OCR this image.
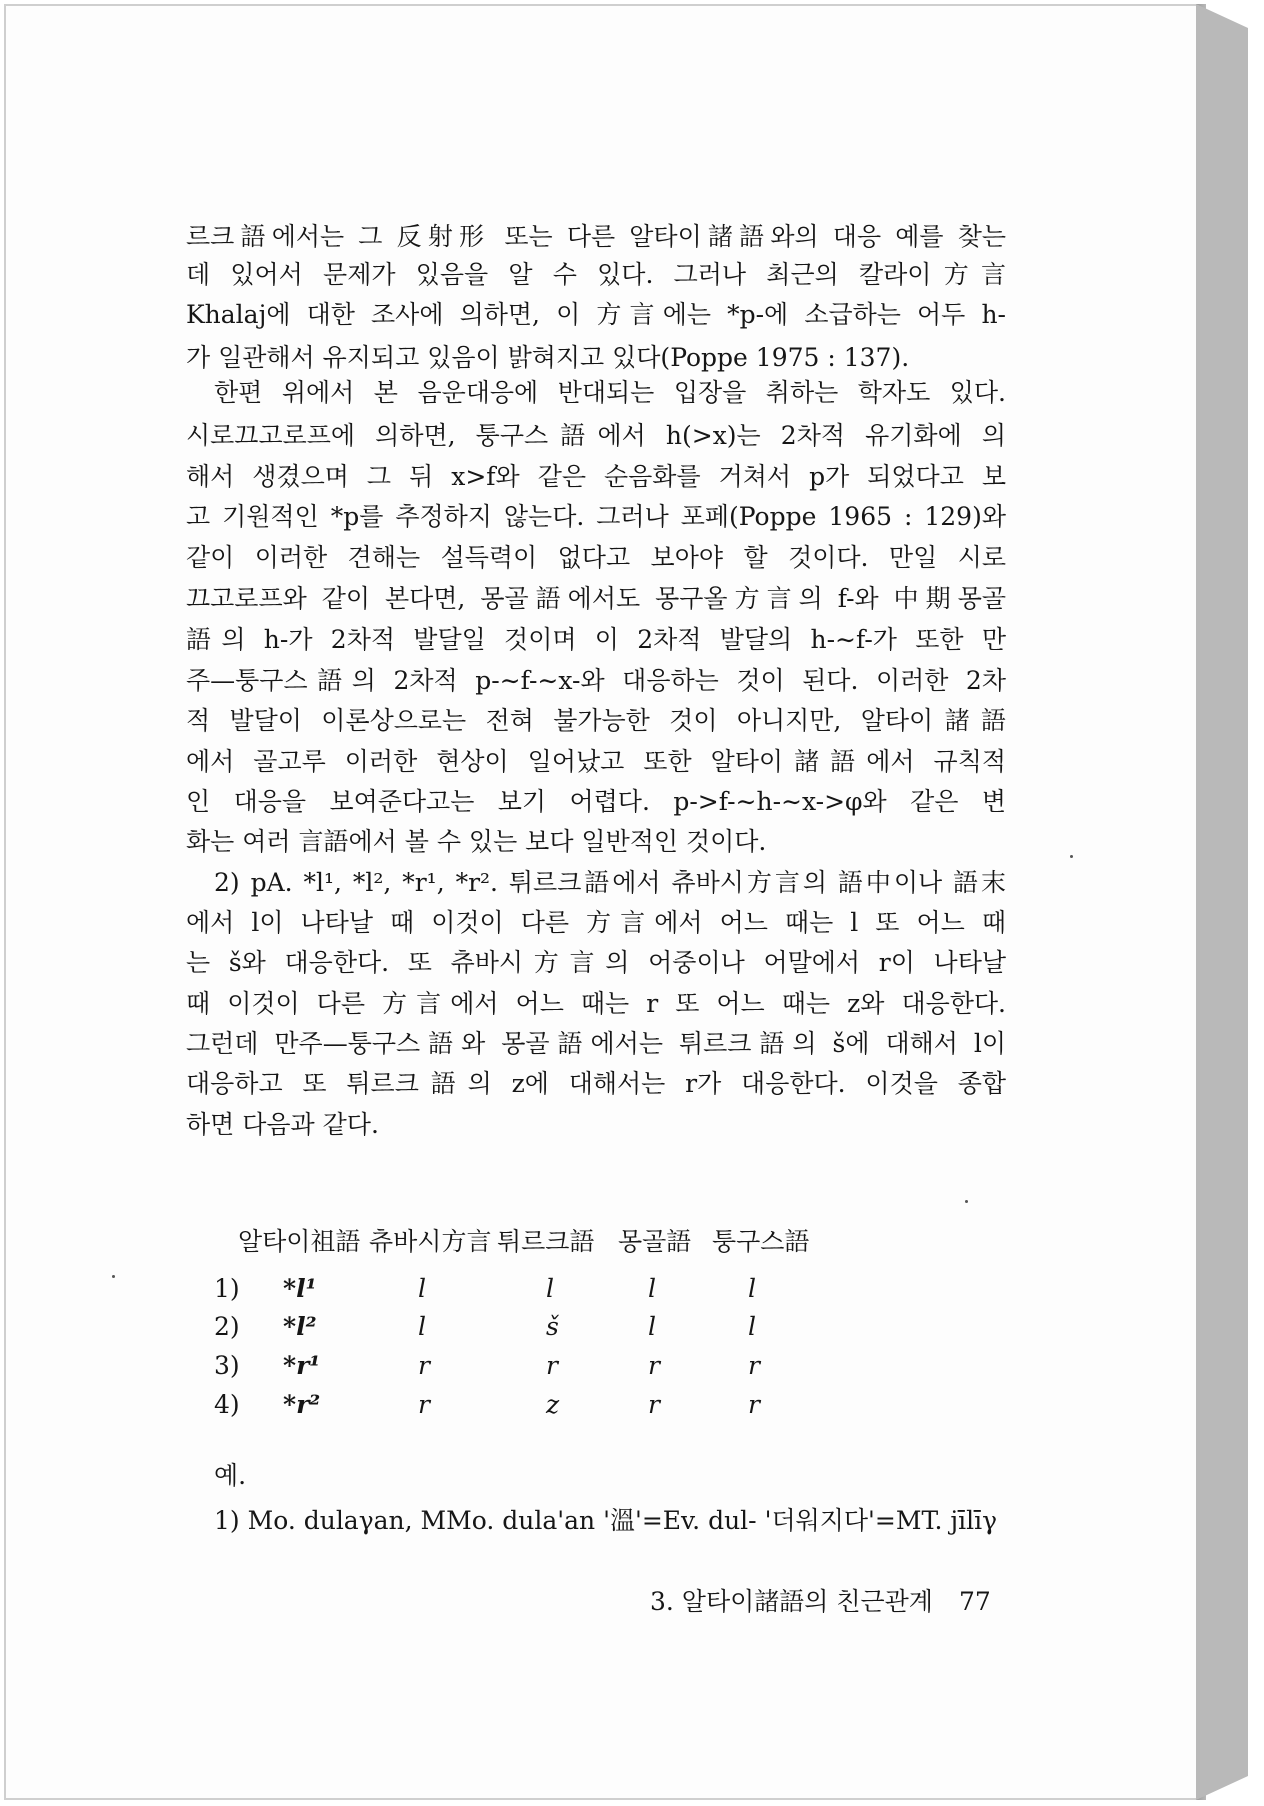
르크語에서는 그 反射形 또는 다른 알타이諸語와의 대응 예를 찾는
데 있어서 문제가 있음을 알 수 있다. 그러나 최근의 칼라이方言
Khalaj에 대한 조사에 의하면, 이 方言에는 *p-에 소급하는 어두 h-
가 일관해서 유지되고 있음이 밝혀지고 있다(Poppe 1975 : 137).
한편 위에서 본 음운대응에 반대되는 입장을 취하는 학자도 있다.
시로끄고로프에 의하면, 퉁구스語에서 h(>x)는 2차적 유기화에 의
해서 생겼으며 그 뒤 x>f와 같은 순음화를 거쳐서 p가 되었다고 보
고 기원적인 *p를 추정하지 않는다. 그러나 포페(Poppe 1965 : 129)와
같이 이러한 견해는 설득력이 없다고 보아야 할 것이다. 만일 시로
끄고로프와 같이 본다면, 몽골語에서도 몽구올方言의 f-와 中期몽골
語의 h-가 2차적 발달일 것이며 이 2차적 발달의 h-∼f-가 또한 만
주—퉁구스語의 2차적 p-∼f-∼x-와 대응하는 것이 된다. 이러한 2차
적 발달이 이론상으로는 전혀 불가능한 것이 아니지만, 알타이諸語
에서 골고루 이러한 현상이 일어났고 또한 알타이諸語에서 규칙적
인 대응을 보여준다고는 보기 어렵다. p->f-∼h-∼x->φ와 같은 변
화는 여러 言語에서 볼 수 있는 보다 일반적인 것이다.
2) pA. *l¹, *l², *r¹, *r². 튀르크語에서 츄바시方言의 語中이나 語末
에서 l이 나타날 때 이것이 다른 方言에서 어느 때는 l 또 어느 때
는 š와 대응한다. 또 츄바시方言의 어중이나 어말에서 r이 나타날
때 이것이 다른 方言에서 어느 때는 r 또 어느 때는 z와 대응한다.
그런데 만주—퉁구스語와 몽골語에서는 튀르크語의 š에 대해서 l이
대응하고 또 튀르크語의 z에 대해서는 r가 대응한다. 이것을 종합
하면 다음과 같다.
알타이祖語 츄바시方言 튀르크語 몽골語 퉁구스語
1) *l¹	l	l	l	l
2) *l²	l	š	l	l
3) *r¹	r	r	r	r
4) *r²	r	z	r	r
예.
1) Mo. dulaγan, MMo. dula'an '溫'=Ev. dul- '더워지다'=MT. jīlīγ
3. 알타이諸語의 친근관계 77
